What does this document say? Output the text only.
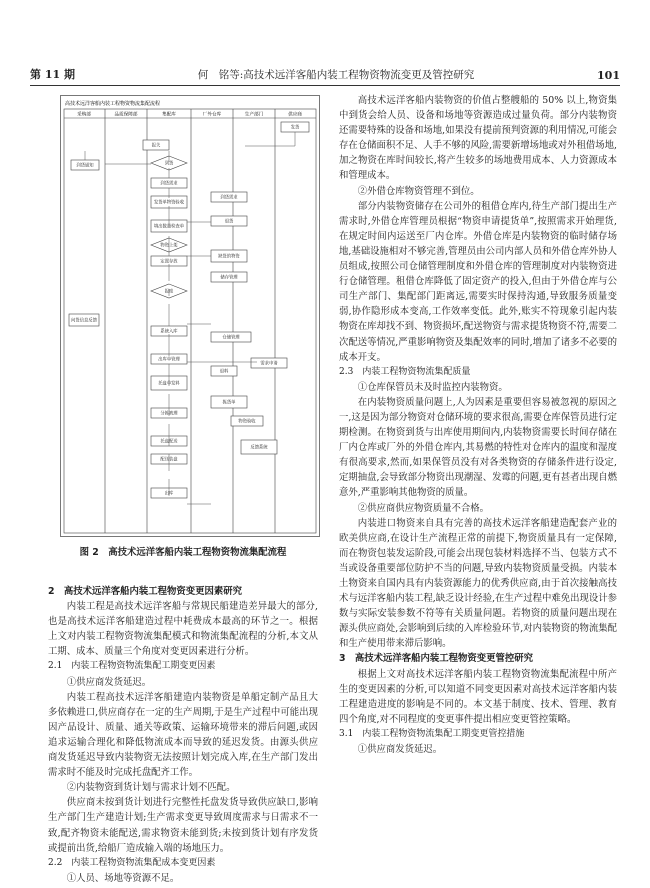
第 11 期	何　铭等:高技术远洋客船内装工程物资物流变更及管控研究	101
高技术远洋客船内装工程物资物流集配流程
采购部	品质保障部	集配库	厂外仓库	生产部门	供应商
发货
报关
到货通知	到货
到货需求
发货单物资验收
到货需求
填出数量检查单
物资上架
缺货的物资
定置存放
储存管理
退货
问货信息反馈
报废
系统入库
仓储管理
需求申请
退料
出库单管理
托盘单发料
拣货单
分拣被理
托盘配送
配送装盘
物资验收
反馈系统
出库
图 2　高技术远洋客船内装工程物资物流集配流程
2　高技术远洋客船内装工程物资变更因素研究

内装工程是高技术远洋客船与常规民船建造差异最大的部分,也是高技术远洋客船建造过程中耗费成本最高的环节之一。根据上文对内装工程物资物流集配模式和物流集配流程的分析,本文从工期、成本、质量三个角度对变更因素进行分析。

2.1　内装工程物资物流集配工期变更因素

①供应商发货延迟。

内装工程高技术远洋客船建造内装物资是单船定制产品且大多依赖进口,供应商存在一定的生产周期,于是生产过程中可能出现因产品设计、质量、通关等政策、运输环境带来的滞后问题,或因追求运输合理化和降低物流成本而导致的延迟发货。由源头供应商发货延迟导致内装物资无法按照计划完成入库,在生产部门发出需求时不能及时完成托盘配齐工作。

②内装物资到货计划与需求计划不匹配。

供应商未按到货计划进行完整性托盘发货导致供应缺口,影响生产部门生产建造计划;生产需求变更导致周度需求与日需求不一致,配齐物资未能配送,需求物资未能到货;未按到货计划有序发货或提前出货,给船厂造成输入端的场地压力。

2.2　内装工程物资物流集配成本变更因素

①人员、场地等资源不足。

高技术远洋客船内装物资的价值占整艘船的 50% 以上,物资集中到货会给人员、设备和场地等资源造成过量负荷。部分内装物资还需要特殊的设备和场地,如果没有提前预判资源的利用情况,可能会存在仓储面积不足、人手不够的风险,需要新增场地或对外租借场地,加之物资在库时间较长,将产生较多的场地费用成本、人力资源成本和管理成本。

②外借仓库物资管理不到位。

部分内装物资储存在公司外的租借仓库内,待生产部门提出生产需求时,外借仓库管理员根据“物资申请提货单”,按照需求开始理货,在规定时间内运送至厂内仓库。外借仓库是内装物资的临时储存场地,基础设施相对不够完善,管理员由公司内部人员和外借仓库外协人员组成,按照公司仓储管理制度和外借仓库的管理制度对内装物资进行仓储管理。租借仓库降低了固定资产的投入,但由于外借仓库与公司生产部门、集配部门距离远,需要实时保持沟通,导致服务质量变弱,协作隐形成本变高,工作效率变低。此外,账实不符现象引起内装物资在库却找不到、物资损坏,配送物资与需求提货物资不符,需要二次配送等情况,严重影响物资及集配效率的同时,增加了诸多不必要的成本开支。

2.3　内装工程物资物流集配质量

①仓库保管员未及时监控内装物资。

在内装物资质量问题上,人为因素是重要但容易被忽视的原因之一,这是因为部分物资对仓储环境的要求很高,需要仓库保管员进行定期检测。在物资到货与出库使用期间内,内装物资需要长时间存储在厂内仓库或厂外的外借仓库内,其易燃的特性对仓库内的温度和湿度有很高要求,然而,如果保管员没有对各类物资的存储条件进行设定,定期抽盘,会导致部分物资出现潮湿、发霉的问题,更有甚者出现自燃意外,严重影响其他物资的质量。

②供应商供应物资质量不合格。

内装进口物资来自具有完善的高技术远洋客船建造配套产业的欧美供应商,在设计生产流程正常的前提下,物资质量具有一定保障,而在物资包装发运阶段,可能会出现包装材料选择不当、包装方式不当或设备重要部位防护不当的问题,导致内装物资质量受损。内装本土物资来自国内具有内装资源能力的优秀供应商,由于首次接触高技术与远洋客船内装工程,缺乏设计经验,在生产过程中难免出现设计参数与实际安装参数不符等有关质量问题。若物资的质量问题出现在源头供应商处,会影响到后续的入库检验环节,对内装物资的物流集配和生产使用带来滞后影响。

3　高技术远洋客船内装工程物资变更管控研究

根据上文对高技术远洋客船内装工程物资物流集配流程中所产生的变更因素的分析,可以知道不同变更因素对高技术远洋客船内装工程建造进度的影响是不同的。本文基于制度、技术、管理、教育四个角度,对不同程度的变更事件提出相应变更管控策略。

3.1　内装工程物资物流集配工期变更管控措施

①供应商发货延迟。
